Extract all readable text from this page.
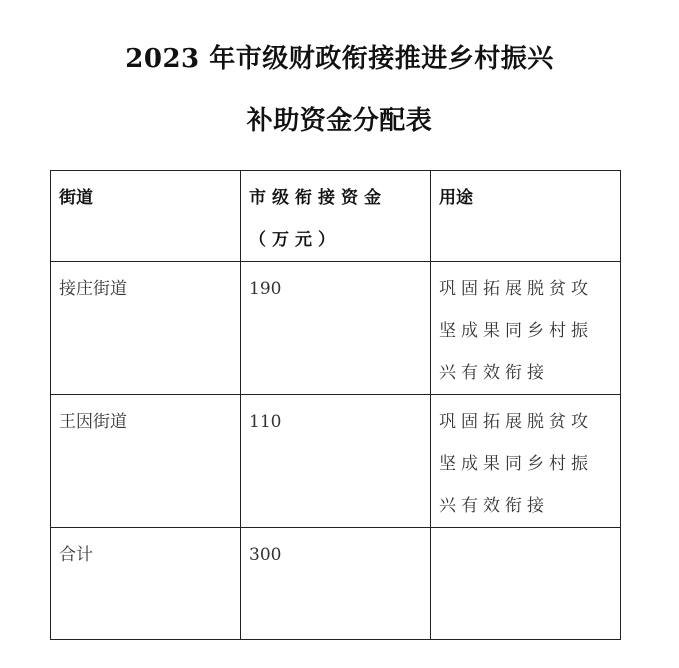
2023 年市级财政衔接推进乡村振兴
补助资金分配表
街道	市级衔接资金（万元）	用途
接庄街道	190	巩固拓展脱贫攻坚成果同乡村振兴有效衔接
王因街道	110	巩固拓展脱贫攻坚成果同乡村振兴有效衔接
合计	300	
